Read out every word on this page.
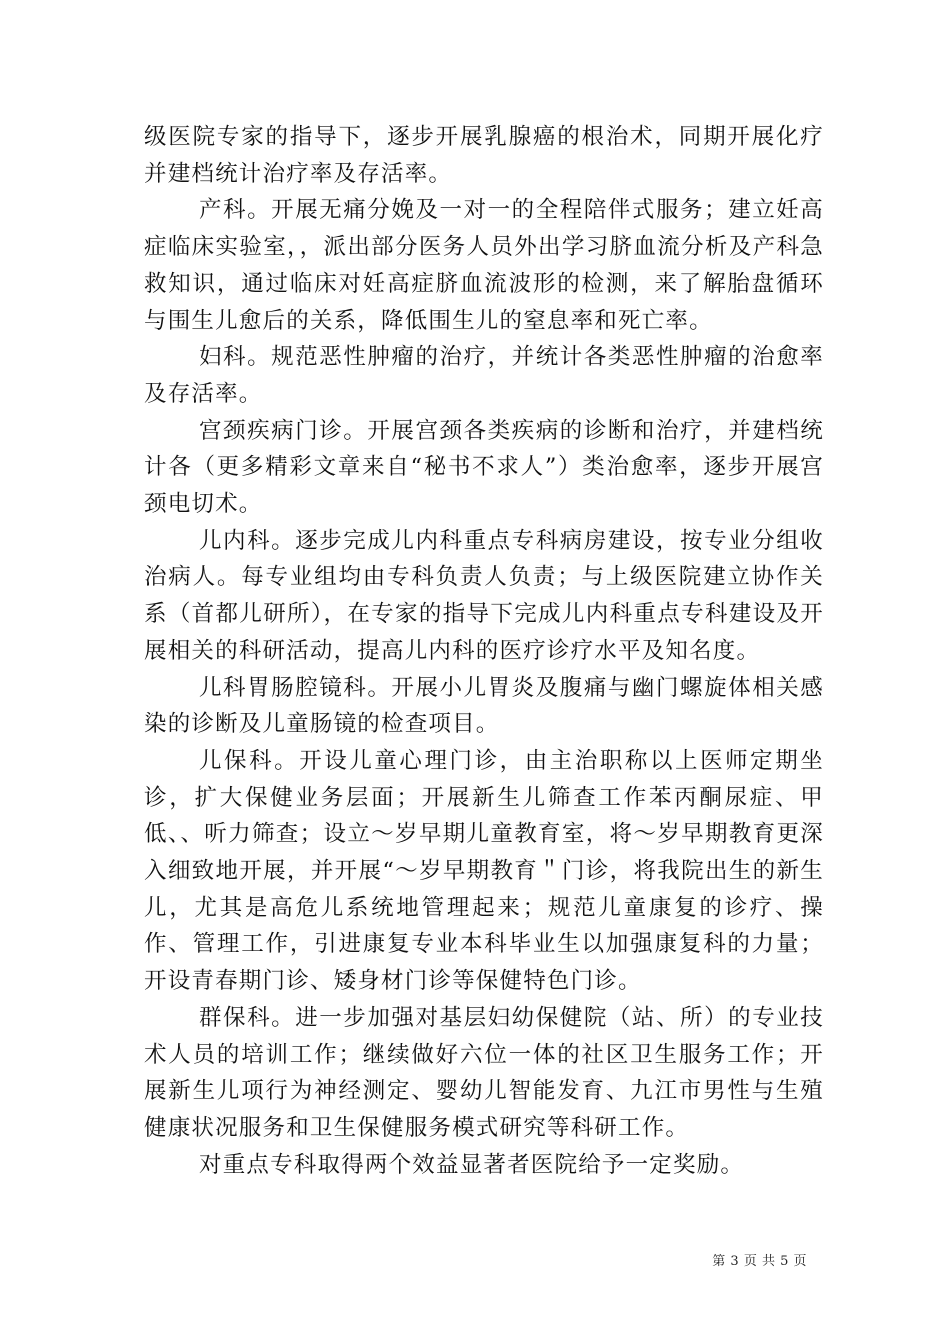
级医院专家的指导下，逐步开展乳腺癌的根治术，同期开展化疗并建档统计治疗率及存活率。

产科。开展无痛分娩及一对一的全程陪伴式服务；建立妊高症临床实验室，，派出部分医务人员外出学习脐血流分析及产科急救知识，通过临床对妊高症脐血流波形的检测，来了解胎盘循环与围生儿愈后的关系，降低围生儿的窒息率和死亡率。

妇科。规范恶性肿瘤的治疗，并统计各类恶性肿瘤的治愈率及存活率。

宫颈疾病门诊。开展宫颈各类疾病的诊断和治疗，并建档统计各（更多精彩文章来自“秘书不求人”）类治愈率，逐步开展宫颈电切术。

儿内科。逐步完成儿内科重点专科病房建设，按专业分组收治病人。每专业组均由专科负责人负责；与上级医院建立协作关系（首都儿研所），在专家的指导下完成儿内科重点专科建设及开展相关的科研活动，提高儿内科的医疗诊疗水平及知名度。

儿科胃肠腔镜科。开展小儿胃炎及腹痛与幽门螺旋体相关感染的诊断及儿童肠镜的检查项目。

儿保科。开设儿童心理门诊，由主治职称以上医师定期坐诊，扩大保健业务层面；开展新生儿筛查工作苯丙酮尿症、甲低、、听力筛查；设立～岁早期儿童教育室，将～岁早期教育更深入细致地开展，并开展“～岁早期教育＂门诊，将我院出生的新生儿，尤其是高危儿系统地管理起来；规范儿童康复的诊疗、操作、管理工作，引进康复专业本科毕业生以加强康复科的力量；开设青春期门诊、矮身材门诊等保健特色门诊。

群保科。进一步加强对基层妇幼保健院（站、所）的专业技术人员的培训工作；继续做好六位一体的社区卫生服务工作；开展新生儿项行为神经测定、婴幼儿智能发育、九江市男性与生殖健康状况服务和卫生保健服务模式研究等科研工作。

对重点专科取得两个效益显著者医院给予一定奖励。

第 3 页 共 5 页
